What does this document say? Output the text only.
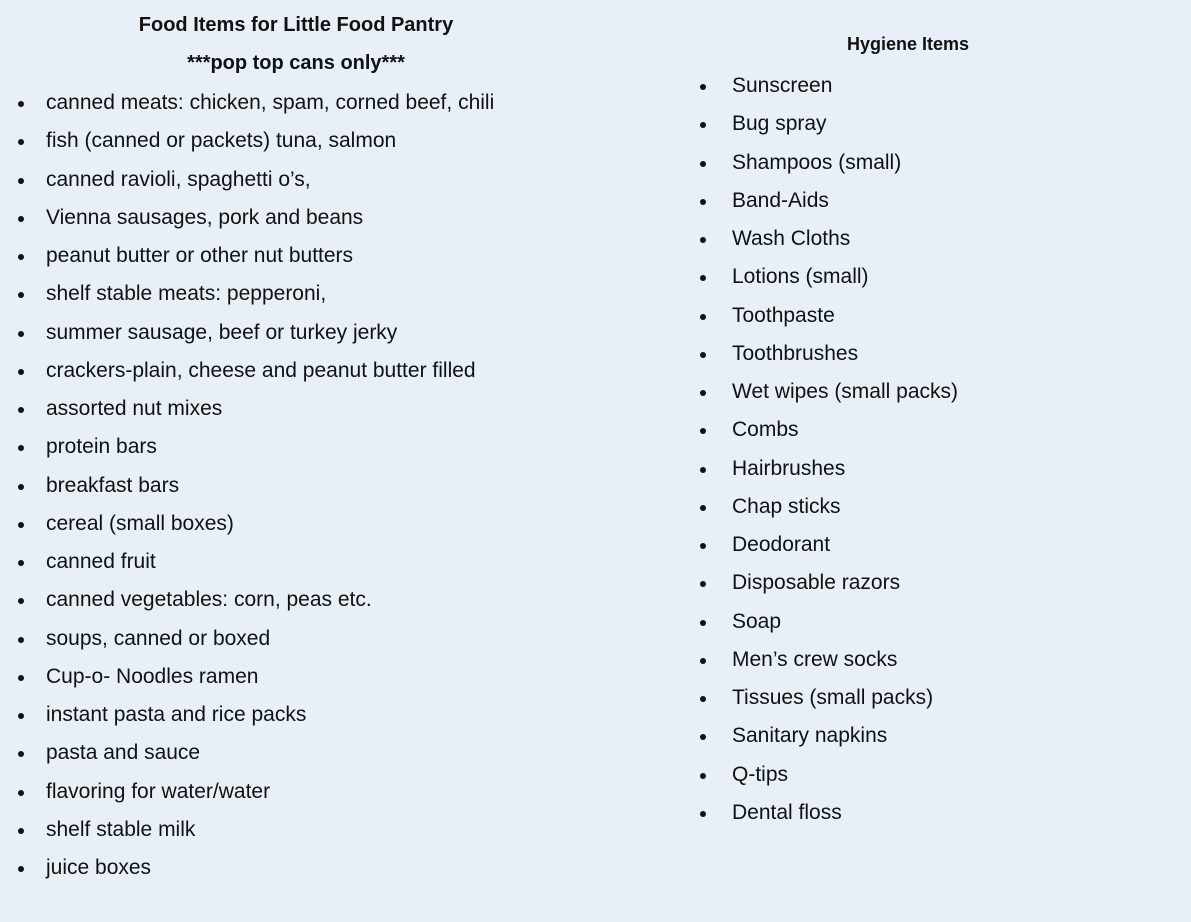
Food Items for Little Food Pantry
***pop top cans only***
canned meats: chicken, spam, corned beef, chili
fish (canned or packets) tuna, salmon
canned ravioli, spaghetti o’s,
Vienna sausages, pork and beans
peanut butter or other nut butters
shelf stable meats: pepperoni,
summer sausage, beef or turkey jerky
crackers-plain, cheese and peanut butter filled
assorted nut mixes
protein bars
breakfast bars
cereal (small boxes)
canned fruit
canned vegetables: corn, peas etc.
soups, canned or boxed
Cup-o- Noodles ramen
instant pasta and rice packs
pasta and sauce
flavoring for water/water
shelf stable milk
juice boxes
Hygiene Items
Sunscreen
Bug spray
Shampoos (small)
Band-Aids
Wash Cloths
Lotions (small)
Toothpaste
Toothbrushes
Wet wipes (small packs)
Combs
Hairbrushes
Chap sticks
Deodorant
Disposable razors
Soap
Men’s crew socks
Tissues (small packs)
Sanitary napkins
Q-tips
Dental floss
